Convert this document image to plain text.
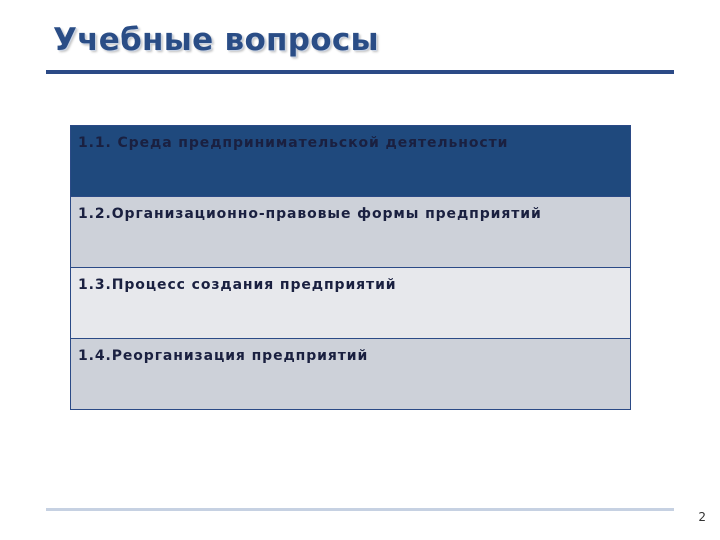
Учебные вопросы
1.1. Среда предпринимательской деятельности
1.2.Организационно-правовые формы предприятий
1.3.Процесс создания предприятий
1.4.Реорганизация предприятий
2
